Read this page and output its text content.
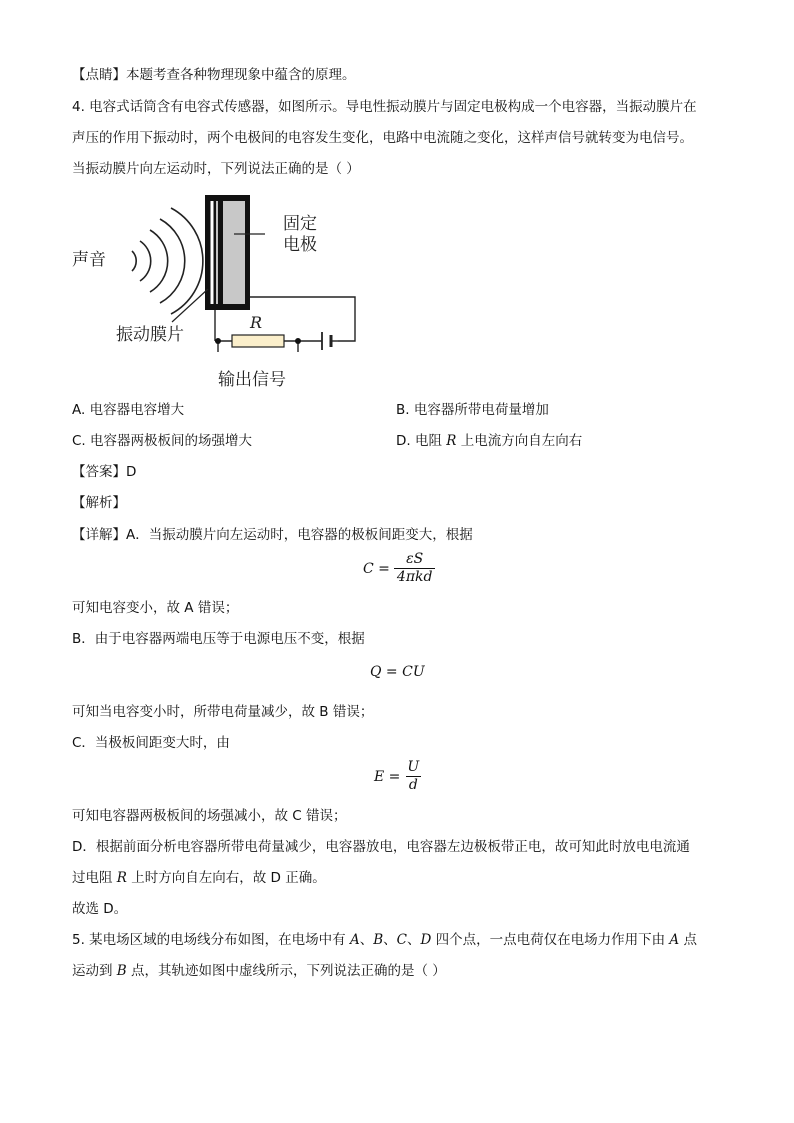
【点睛】本题考查各种物理现象中蕴含的原理。
4. 电容式话筒含有电容式传感器，如图所示。导电性振动膜片与固定电极构成一个电容器，当振动膜片在
声压的作用下振动时，两个电极间的电容发生变化，电路中电流随之变化，这样声信号就转变为电信号。
当振动膜片向左运动时，下列说法正确的是（ ）
声音
固定
电极
振动膜片
R
输出信号
A. 电容器电容增大	B. 电容器所带电荷量增加
C. 电容器两极板间的场强增大	D. 电阻 R 上电流方向自左向右
【答案】D
【解析】
【详解】A．当振动膜片向左运动时，电容器的极板间距变大，根据
$C = \frac{\varepsilon S}{\text{4πkd}}$
可知电容变小，故 A 错误；
B．由于电容器两端电压等于电源电压不变，根据
Q = CU
可知当电容变小时，所带电荷量减少，故 B 错误；
C．当极板间距变大时，由
$E = \frac{U}{d}$
可知电容器两极板间的场强减小，故 C 错误；
D．根据前面分析电容器所带电荷量减少，电容器放电，电容器左边极板带正电，故可知此时放电电流通
过电阻 R 上时方向自左向右，故 D 正确。
故选 D。
5. 某电场区域的电场线分布如图，在电场中有 A、B、C、D 四个点，一点电荷仅在电场力作用下由 A 点
运动到 B 点，其轨迹如图中虚线所示，下列说法正确的是（ ）
